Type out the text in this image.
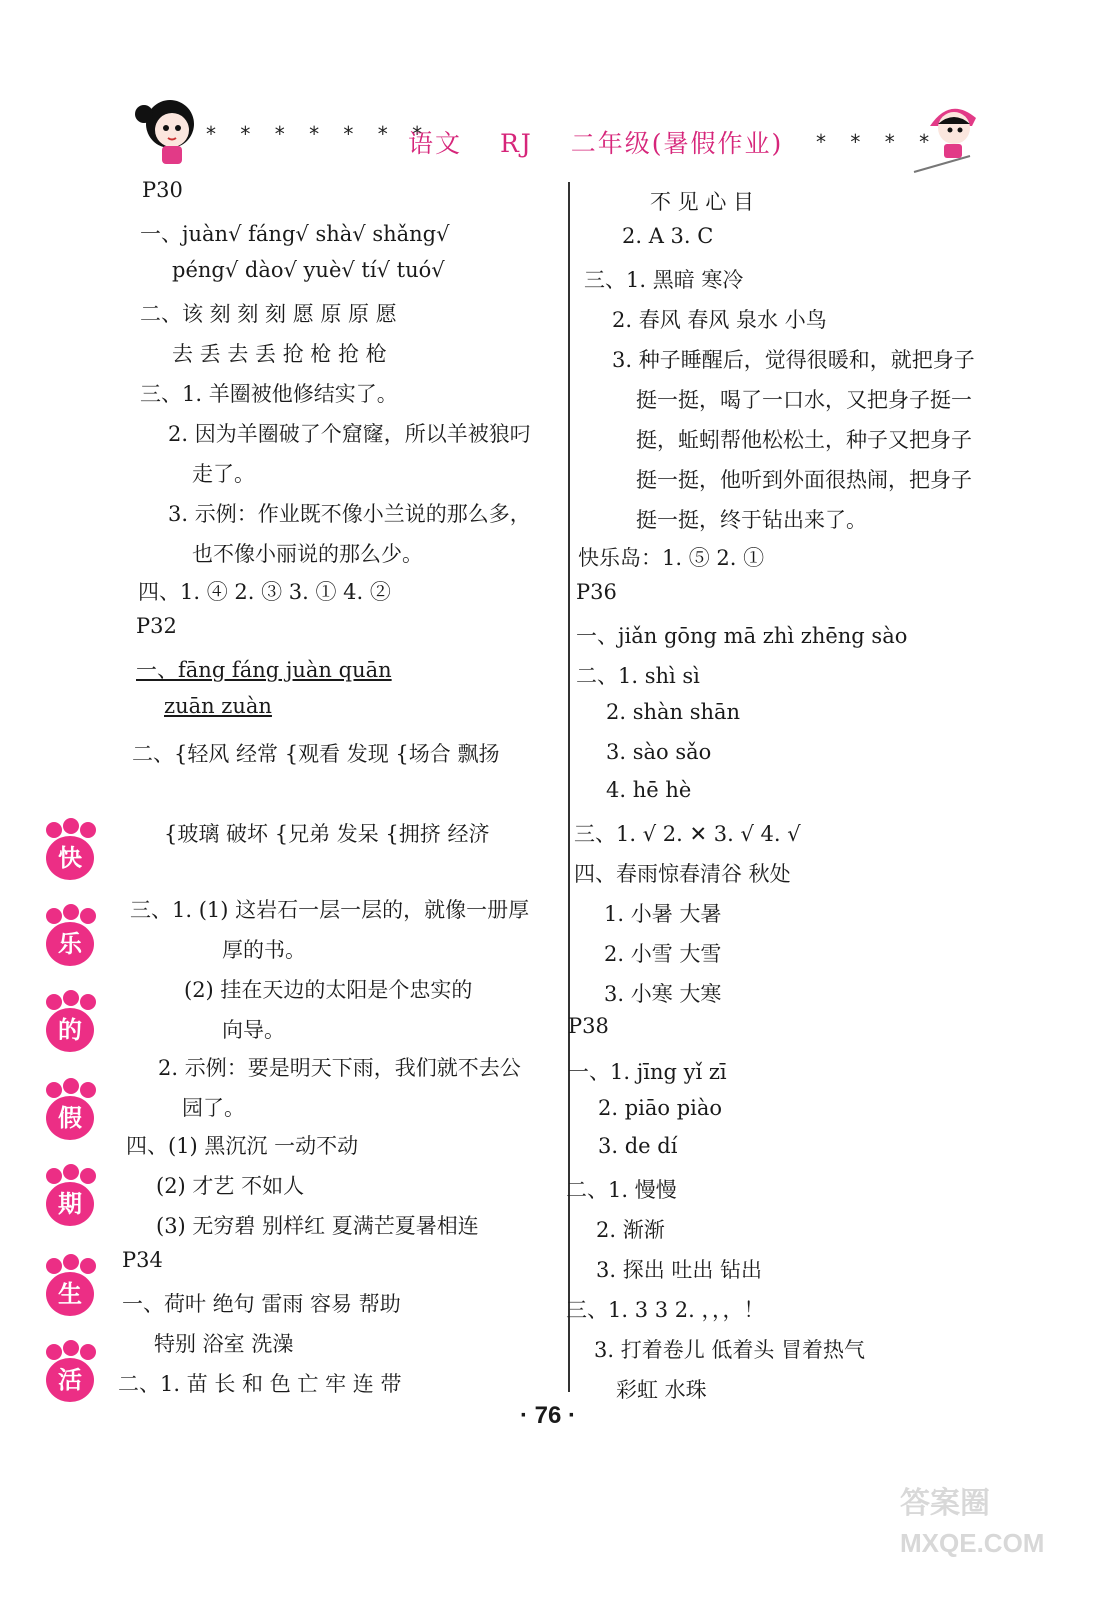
* * * * * * *
语文 RJ 二年级(暑假作业) * * * *
P30
一、juàn√ fáng√ shà√ shǎng√
péng√ dào√ yuè√ tí√ tuó√
二、该 刻 刻 刻 愿 原 原 愿
去 丢 去 丢 抢 枪 抢 枪
三、1. 羊圈被他修结实了。
2. 因为羊圈破了个窟窿，所以羊被狼叼
走了。
3. 示例：作业既不像小兰说的那么多，
也不像小丽说的那么少。
四、1. ④ 2. ③ 3. ① 4. ②
P32
一、fāng fáng juàn quān
zuān zuàn
二、{轻风 经常 {观看 发现 {场合 飘扬
{玻璃 破坏 {兄弟 发呆 {拥挤 经济
三、1. (1) 这岩石一层一层的，就像一册厚
厚的书。
(2) 挂在天边的太阳是个忠实的
向导。
2. 示例：要是明天下雨，我们就不去公
园了。
四、(1) 黑沉沉 一动不动
(2) 才艺 不如人
(3) 无穷碧 别样红 夏满芒夏暑相连
P34
一、荷叶 绝句 雷雨 容易 帮助
特别 浴室 洗澡
二、1. 苗 长 和 色 亡 牢 连 带
不 见 心 目
2. A 3. C
三、1. 黑暗 寒冷
2. 春风 春风 泉水 小鸟
3. 种子睡醒后，觉得很暖和，就把身子
挺一挺，喝了一口水，又把身子挺一
挺，蚯蚓帮他松松土，种子又把身子
挺一挺，他听到外面很热闹，把身子
挺一挺，终于钻出来了。
快乐岛：1. ⑤ 2. ①
P36
一、jiǎn gōng mā zhì zhēng sào
二、1. shì sì
2. shàn shān
3. sào sǎo
4. hē hè
三、1. √ 2. ✕ 3. √ 4. √
四、春雨惊春清谷 秋处
1. 小暑 大暑
2. 小雪 大雪
3. 小寒 大寒
P38
一、1. jīng yǐ zī
2. piāo piào
3. de dí
二、1. 慢慢
2. 渐渐
3. 探出 吐出 钻出
三、1. 3 3 2. ，，，！
3. 打着卷儿 低着头 冒着热气
彩虹 水珠
快
乐
的
假
期
生
活
· 76 ·
答案圈
MXQE.COM
